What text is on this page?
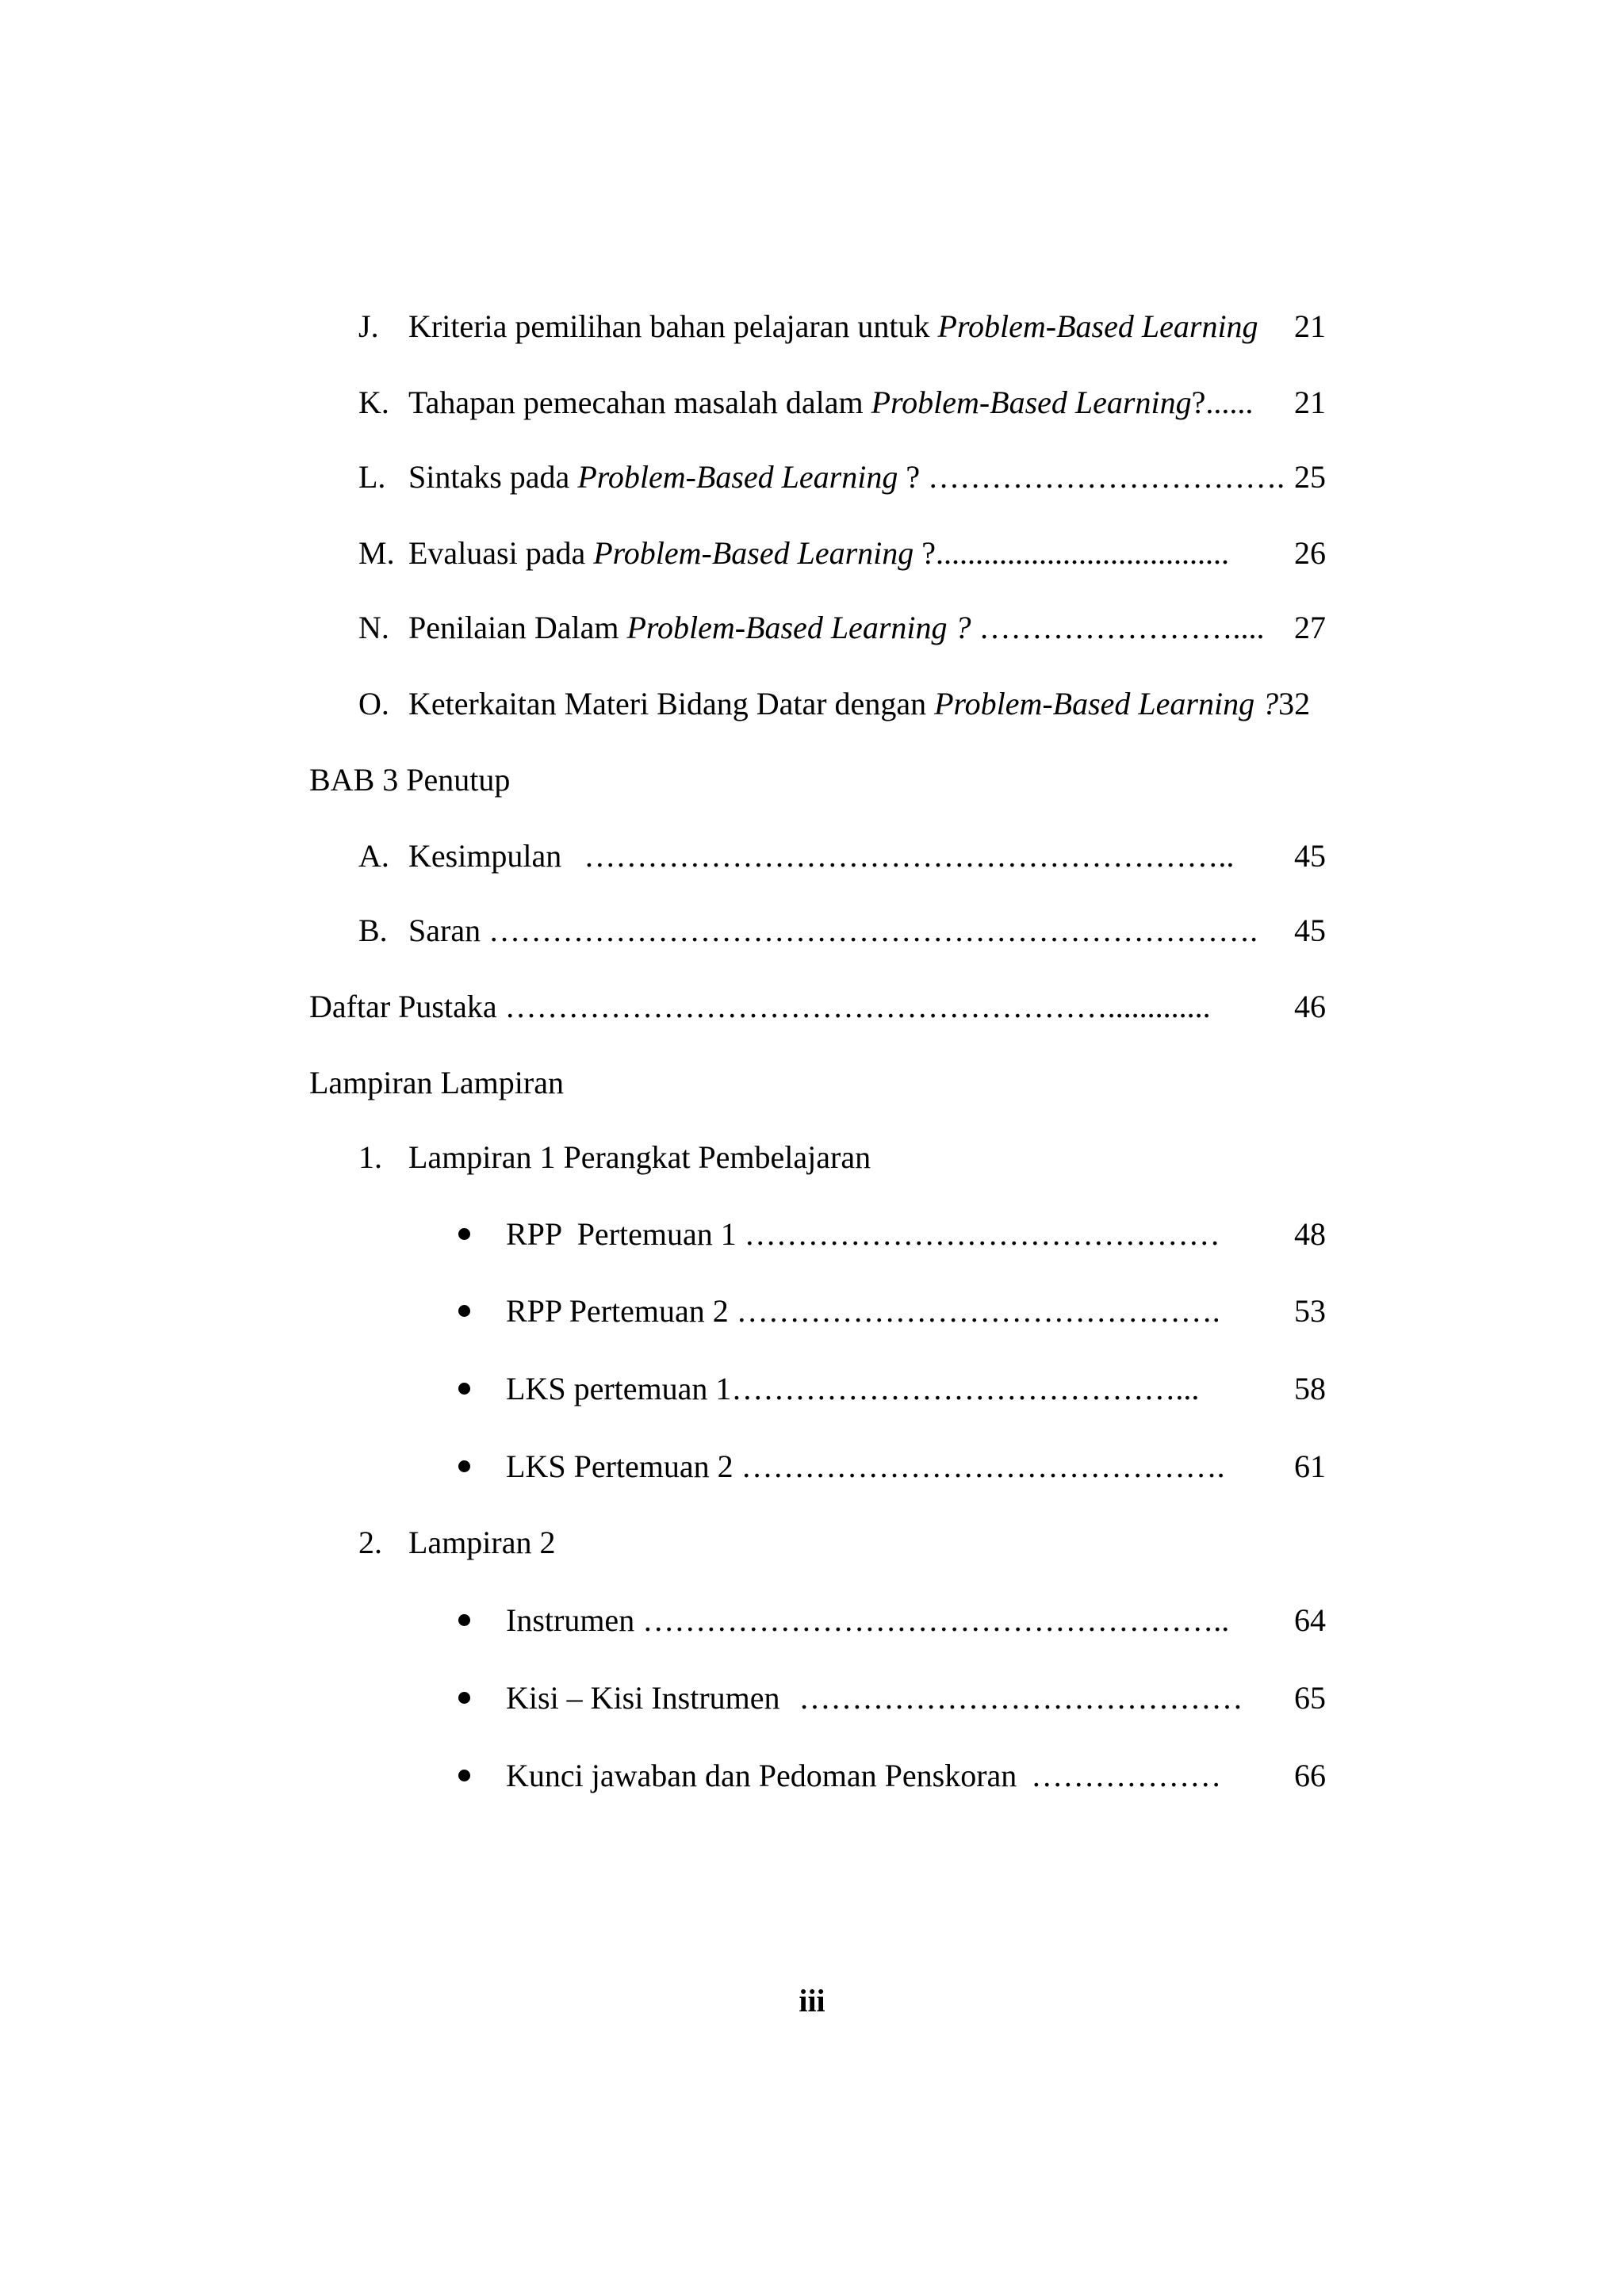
J. Kriteria pemilihan bahan pelajaran untuk Problem-Based Learning 21
K. Tahapan pemecahan masalah dalam Problem-Based Learning?...... 21
L. Sintaks pada Problem-Based Learning ? ……………………………. 25
M. Evaluasi pada Problem-Based Learning ?..................................... 26
N. Penilaian Dalam Problem-Based Learning ? …………………….... 27
O. Keterkaitan Materi Bidang Datar dengan Problem-Based Learning ?32
BAB 3 Penutup
A. Kesimpulan …………………………………………………….. 45
B. Saran ………………………………………………………………. 45
Daftar Pustaka ………………………………………………….............	46
Lampiran Lampiran
1. Lampiran 1 Perangkat Pembelajaran
RPP  Pertemuan 1 ……………………………………… 48
RPP Pertemuan 2 ………………………………………. 53
LKS pertemuan 1……………………………………...	58
LKS Pertemuan 2 ………………………………………. 61
2. Lampiran 2
Instrumen ……………………………………………….. 64
Kisi – Kisi Instrumen …………………………………… 65
Kunci jawaban dan Pedoman Penskoran ……………… 66
iii
